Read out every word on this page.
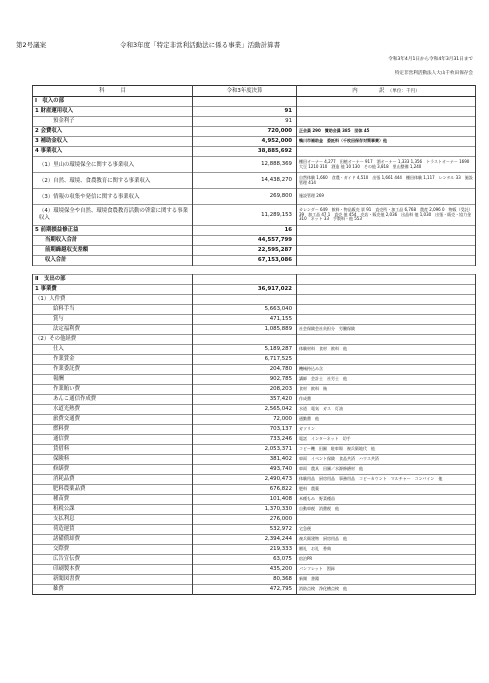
第2号議案	令和3年度「特定非営利活動法に係る事業」活動計算書
令和3年4月1日から令和4年3月31日まで
特定非営利活動法人大山千枚田保存会
科　　　目	令和3年度決算	内　　　　訳　 （単位：千円）
Ⅰ　収入の部		
1 財産運用収入	91	
預金利子	91	
2 会費収入	720,000	正会員 290　賛助会員 385　団体 45
3 補助金収入	4,952,000	鴨川市補助金　委託料（千枚田保存対策事業）他
4 事業収入	38,885,692	
（1）里山の環境保全に関する事業収入	12,888,369	棚田オーナー 4,277　田植オーナー 917　酒オーナー 1,333 1,356　トラストオーナー 1690　大豆 1210 310　酒造 他 10 130　その他 3,818　里山整備 1,240
（2）自然、環境、食農教育に関する事業収入	14,438,270	自然体験 1,660　食農・ガイド 4,510　出張 1,661 444　棚田体験 1,117　レンタル 33　施設管理 414
（3）情報の収集や発信に関する事業収入	269,800	施設管理 269
（4）環境保全や自然、環境食農教育活動の啓蒙に関する事業収入	11,289,153	カレンダー 649　飲料・物品販売 票 91　直売所・加工品 6,768　農産 2,096 0　物販（受託）39　加工品 47 1　直売 他 454　売店・販売他 2,036　出品料 他 1,030　出張・販売・協力金 310　ネット 33　手数料・他 553
5 前期損益修正益	16	
当期収入合計	44,557,799	
前期繰越収支差額	22,595,287	
収入合計	67,153,086	

Ⅱ　支出の部		
1 事業費	36,917,022	
（1）人件費		
給料手当	5,663,040	
賞与	471,155	
法定福利費	1,085,889	社会保険会社負担分　労働保険
（2）その他経費		
仕入	5,189,287	体験材料　食材　飲料　他
作業賃金	6,717,525	
作業委託費	204,780	機械持込み含
報酬	902,785	講師　会計士　社労士　他
作業賄い費	208,203	食材　飲料　賄
あんこ通信作成費	357,420	作成費
水道光熱費	2,565,042	水道　電気　ガス　灯油
旅費交通費	72,000	通勤費　他
燃料費	703,137	ガソリン
通信費	733,246	電話　インターネット　切手
賃借料	2,053,371	コピー機　田圃　駐車場　複兵衛地代　他
保険料	381,402	車両　イベント保険　食品共済　ハウス共済
修繕費	493,740	車両　農具　田圃／水源修繕材　他
消耗品費	2,490,473	体験用品　厨房用品　事務用品　コピーカウント　マルチャー　コンバイン　他
肥料農薬品費	676,822	肥料　農薬
種苗費	101,408	米種もみ　野菜種苗
租税公課	1,370,330	自動車税　消費税　他
支払利息	276,000	
荷造運賃	532,972	宅急便
諸備償却費	2,394,244	複兵衛建物　厨房用品　他
交際費	219,333	贈礼　お礼　香典
広告宣伝費	63,075	宿泊PR
印刷製本費	435,200	パンフレット　図録
新聞図書費	80,368	新聞　書籍
雑費	472,795	消防点検　浄化槽点検　他
